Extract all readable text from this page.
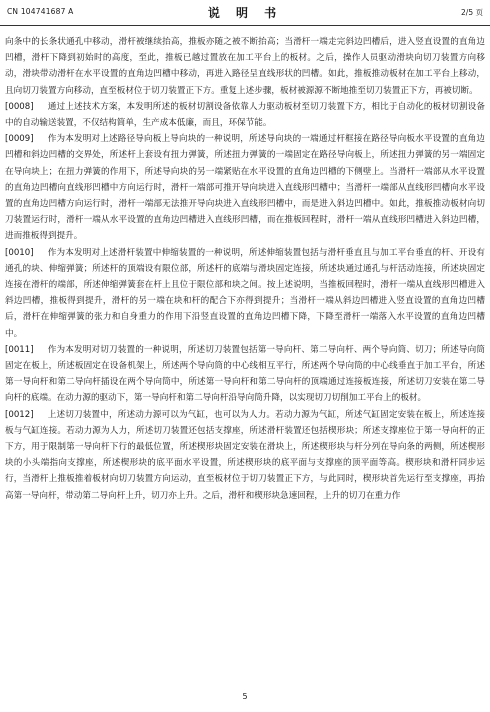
CN 104741687 A	说 明 书	2/5 页

向条中的长条状通孔中移动，滑杆被继续抬高，推板亦随之被不断抬高；当滑杆一端走完斜边凹槽后，进入竖直设置的直角边凹槽，滑杆下降到初始时的高度，至此，推板已越过置放在加工平台上的板材。之后，操作人员驱动滑块向切刀装置方向移动，滑块带动滑杆在水平设置的直角边凹槽中移动，再进入路径呈直线形状的凹槽。如此，推板推动板材在加工平台上移动，且向切刀装置方向移动，直至板材位于切刀装置正下方。重复上述步骤，板材被源源不断地推至切刀装置正下方，再被切断。

[0008] 通过上述技术方案，本发明所述的板材切割设备依靠人力驱动板材至切刀装置下方，相比于自动化的板材切割设备中的自动输送装置，不仅结构简单，生产成本低廉，而且，环保节能。

[0009] 作为本发明对上述路径导向板上导向块的一种说明，所述导向块的一端通过杆框接在路径导向板水平设置的直角边凹槽和斜边凹槽的交界处，所述杆上套设有扭力弹簧，所述扭力弹簧的一端固定在路径导向板上，所述扭力弹簧的另一端固定在导向块上；在扭力弹簧的作用下，所述导向块的另一端紧贴在水平设置的直角边凹槽的下侧壁上。当滑杆一端部从水平设置的直角边凹槽向直线形凹槽中方向运行时，滑杆一端部可推开导向块进入直线形凹槽中；当滑杆一端部从直线形凹槽向水平设置的直角边凹槽方向运行时，滑杆一端部无法推开导向块进入直线形凹槽中，而是进入斜边凹槽中。如此，推板推动板材向切刀装置运行时，滑杆一端从水平设置的直角边凹槽进入直线形凹槽，而在推板回程时，滑杆一端从直线形凹槽进入斜边凹槽，进而推板得到提升。

[0010] 作为本发明对上述滑杆装置中伸缩装置的一种说明，所述伸缩装置包括与滑杆垂直且与加工平台垂直的杆、开设有通孔的块、伸缩弹簧；所述杆的顶端设有限位部，所述杆的底端与滑块固定连接，所述块通过通孔与杆活动连接，所述块固定连接在滑杆的端部，所述伸缩弹簧套在杆上且位于限位部和块之间。按上述说明，当推板回程时，滑杆一端从直线形凹槽进入斜边凹槽，推板得到提升，滑杆的另一端在块和杆的配合下亦得到提升；当滑杆一端从斜边凹槽进入竖直设置的直角边凹槽后，滑杆在伸缩弹簧的张力和自身重力的作用下沿竖直设置的直角边凹槽下降，下降至滑杆一端落入水平设置的直角边凹槽中。

[0011] 作为本发明对切刀装置的一种说明，所述切刀装置包括第一导向杆、第二导向杆、两个导向筒、切刀；所述导向筒固定在板上，所述板固定在设备机架上，所述两个导向筒的中心线相互平行，所述两个导向筒的中心线垂直于加工平台，所述第一导向杆和第二导向杆插设在两个导向筒中，所述第一导向杆和第二导向杆的顶端通过连接板连接，所述切刀安装在第二导向杆的底端。在动力源的驱动下，第一导向杆和第二导向杆沿导向筒升降，以实现切刀切削加工平台上的板材。

[0012] 上述切刀装置中，所述动力源可以为气缸，也可以为人力。若动力源为气缸，所述气缸固定安装在板上，所述连接板与气缸连接。若动力源为人力，所述切刀装置还包括支撑座，所述滑杆装置还包括楔形块；所述支撑座位于第一导向杆的正下方，用于限制第一导向杆下行的最低位置，所述楔形块固定安装在滑块上，所述楔形块与杆分列在导向条的两侧，所述楔形块的小头端指向支撑座，所述楔形块的底平面水平设置，所述楔形块的底平面与支撑座的顶平面等高。楔形块和滑杆同步运行，当滑杆上推板推着板材向切刀装置方向运动，直至板材位于切刀装置正下方，与此同时，楔形块首先运行至支撑座，再抬高第一导向杆，带动第二导向杆上升，切刀亦上升。之后，滑杆和楔形块急速回程，上升的切刀在重力作

5
